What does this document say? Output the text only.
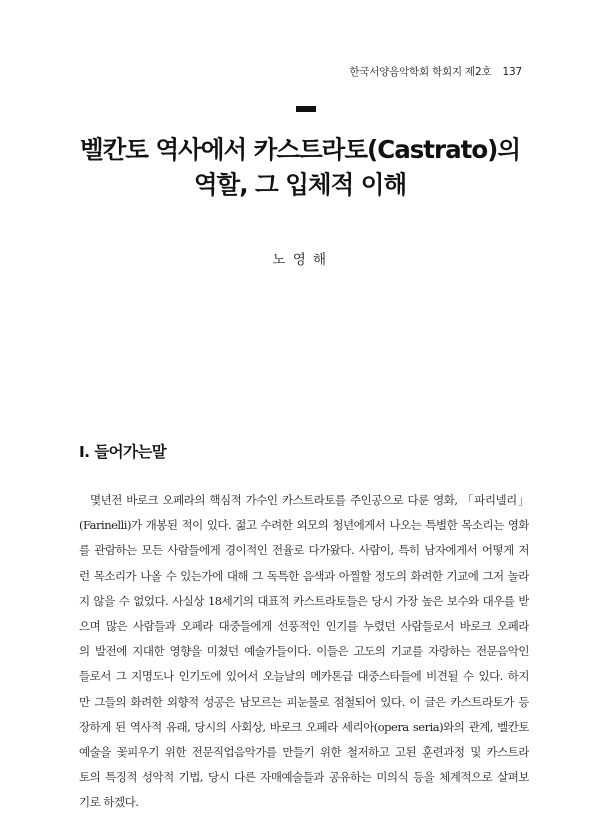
한국서양음악학회 학회지 제2호 137
벨칸토 역사에서 카스트라토(Castrato)의
역할, 그 입체적 이해
노 영 해
I. 들어가는말
몇년전 바로크 오페라의 핵심적 가수인 카스트라토를 주인공으로 다룬 영화, 「파리넬리」
(Farinelli)가 개봉된 적이 있다. 젊고 수려한 외모의 청년에게서 나오는 특별한 목소리는 영화
를 관람하는 모든 사람들에게 경이적인 전율로 다가왔다. 사람이, 특히 남자에게서 어떻게 저
런 목소리가 나올 수 있는가에 대해 그 독특한 음색과 아찔할 정도의 화려한 기교에 그저 놀라
지 않을 수 없었다. 사실상 18세기의 대표적 카스트라토들은 당시 가장 높은 보수와 대우를 받
으며 많은 사람들과 오페라 대중들에게 선풍적인 인기를 누렸던 사람들로서 바로크 오페라
의 발전에 지대한 영향을 미쳤던 예술가들이다. 이들은 고도의 기교를 자랑하는 전문음악인
들로서 그 지명도나 인기도에 있어서 오늘날의 메카톤급 대중스타들에 비견될 수 있다. 하지
만 그들의 화려한 외향적 성공은 남모르는 피눈물로 점철되어 있다. 이 글은 카스트라토가 등
장하게 된 역사적 유래, 당시의 사회상, 바로크 오페라 세리아(opera seria)와의 관계, 벨칸토
예술을 꽃피우기 위한 전문직업음악가를 만들기 위한 철저하고 고된 훈련과정 및 카스트라
토의 특징적 성악적 기법, 당시 다른 자매예술들과 공유하는 미의식 등을 체계적으로 살펴보
기로 하겠다.
